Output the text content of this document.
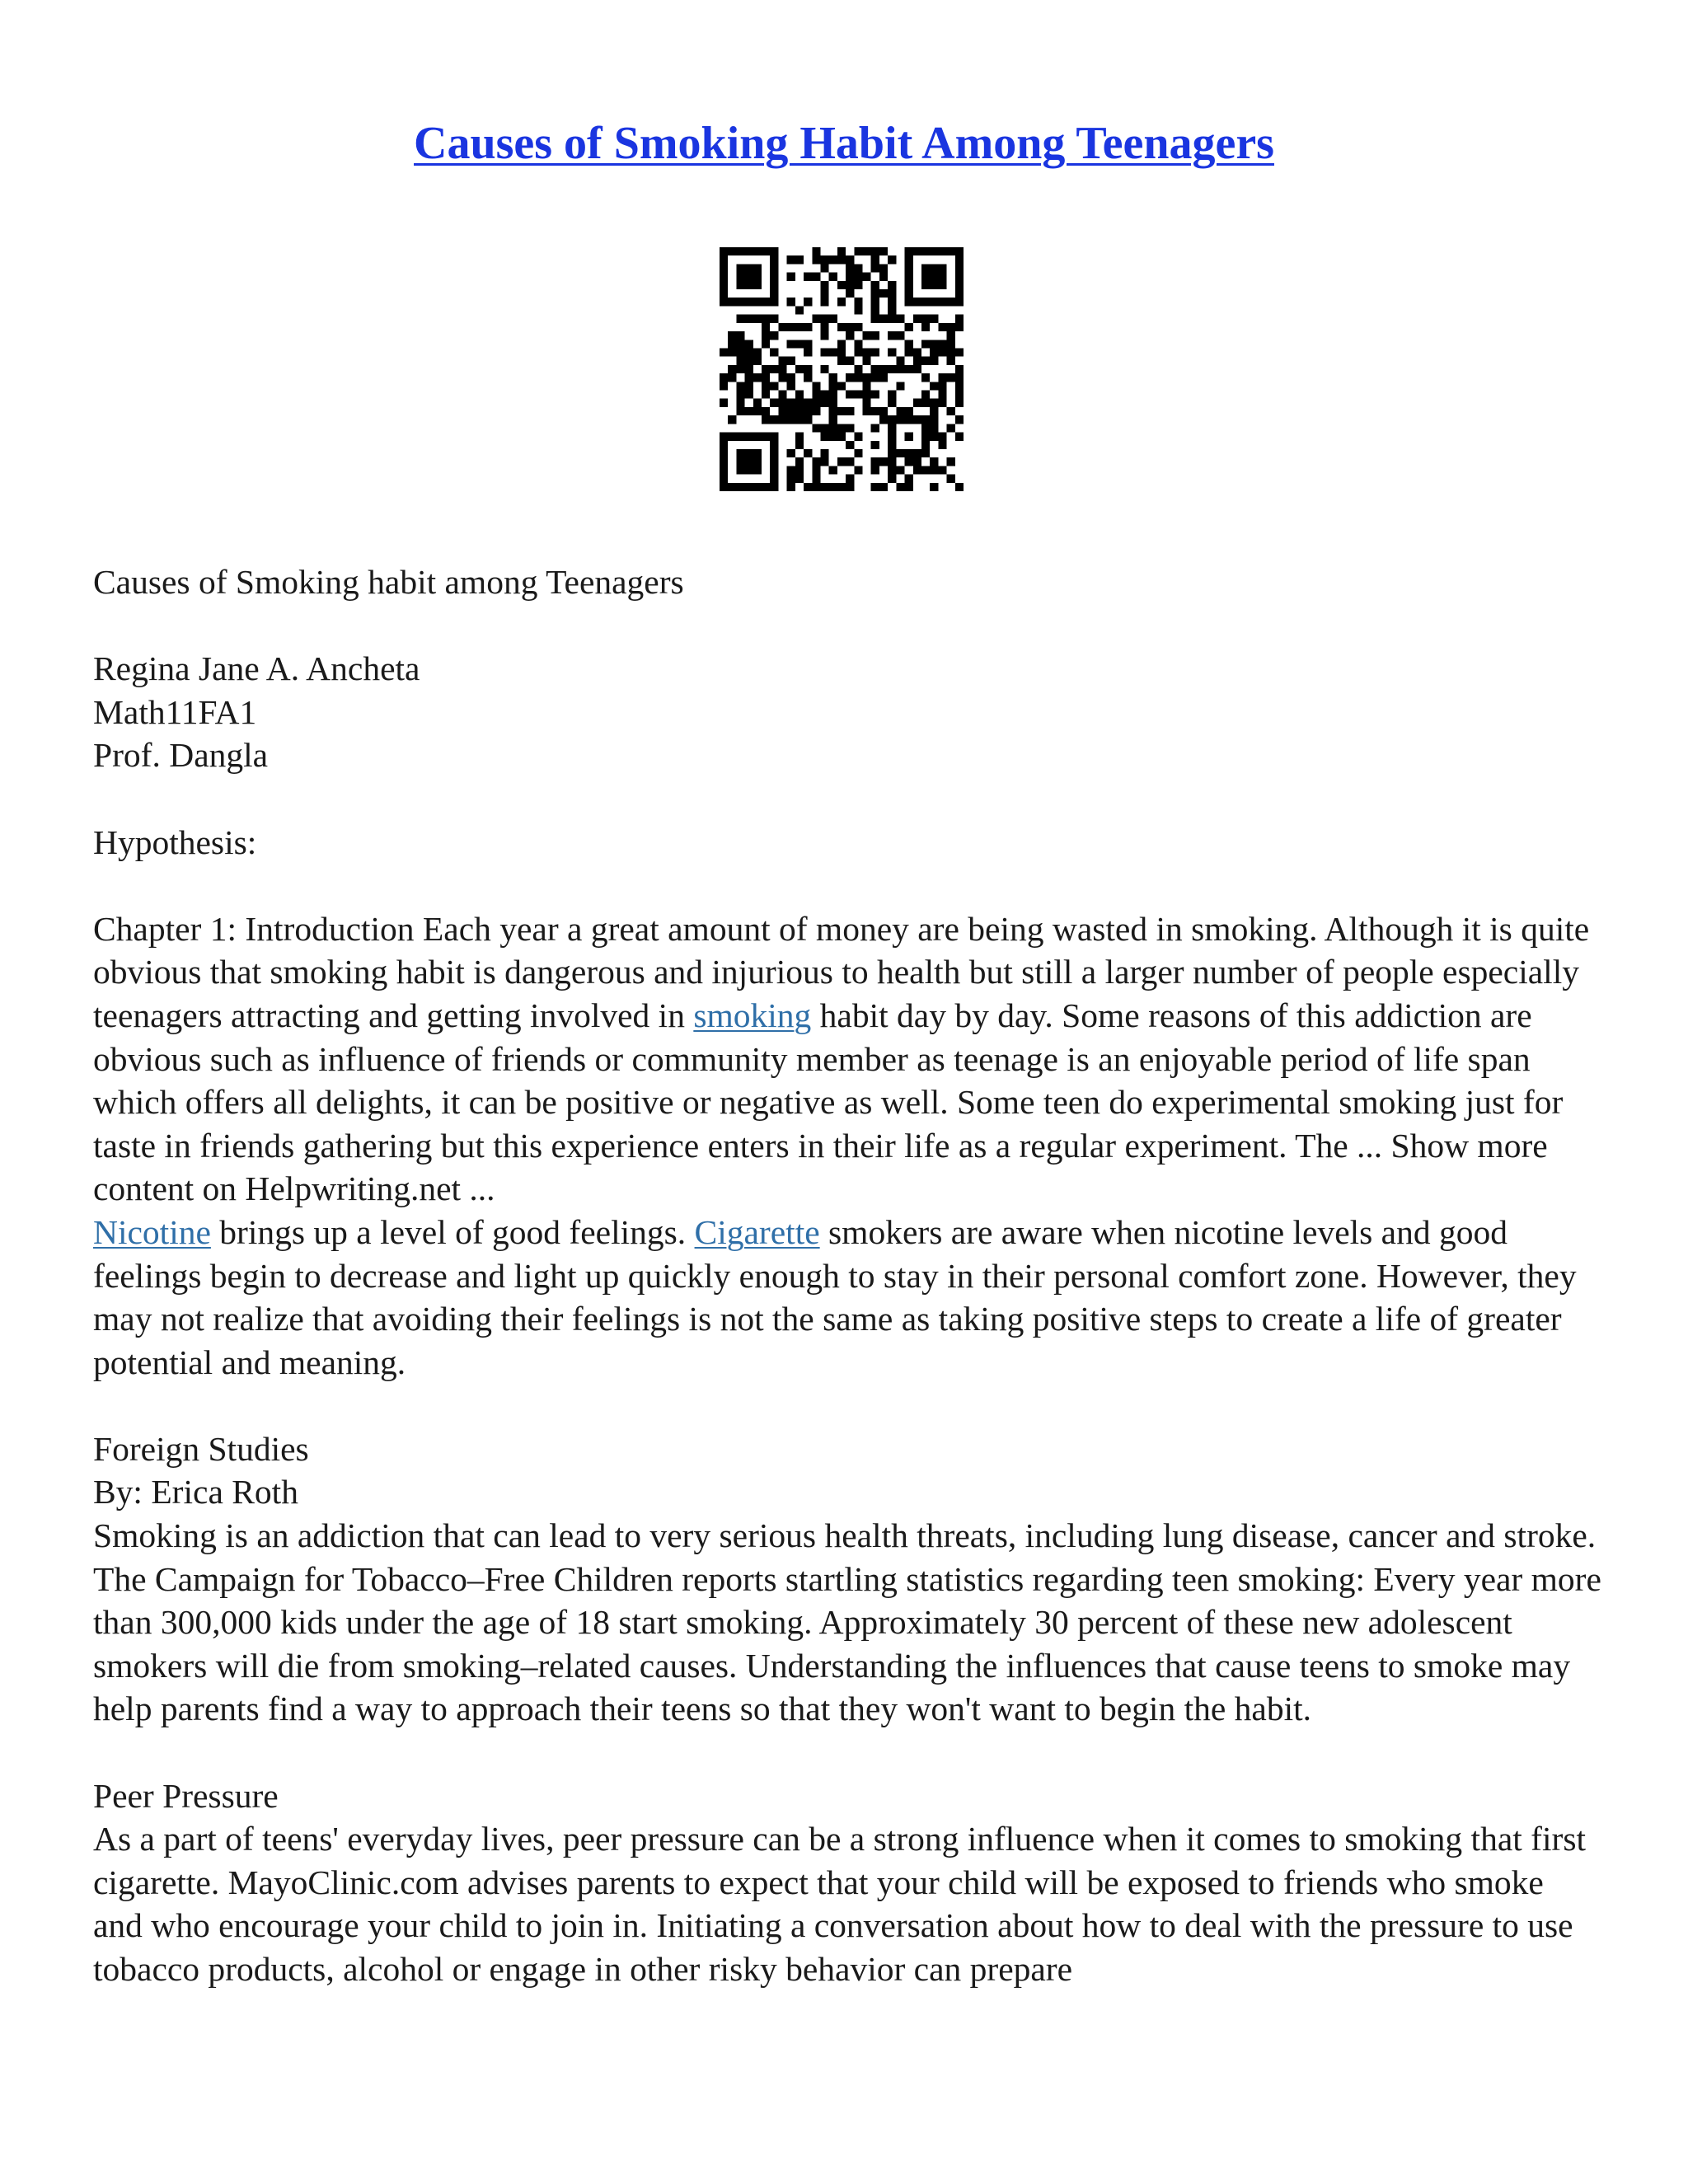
Causes of Smoking Habit Among Teenagers

Causes of Smoking habit among Teenagers

Regina Jane A. Ancheta

Math11FA1

Prof. Dangla

Hypothesis:

Chapter 1: Introduction Each year a great amount of money are being wasted in smoking. Although it is quite obvious that smoking habit is dangerous and injurious to health but still a larger number of people especially teenagers attracting and getting involved in smoking habit day by day. Some reasons of this addiction are obvious such as influence of friends or community member as teenage is an enjoyable period of life span which offers all delights, it can be positive or negative as well. Some teen do experimental smoking just for taste in friends gathering but this experience enters in their life as a regular experiment. The ... Show more content on Helpwriting.net ...
Nicotine brings up a level of good feelings. Cigarette smokers are aware when nicotine levels and good feelings begin to decrease and light up quickly enough to stay in their personal comfort zone. However, they may not realize that avoiding their feelings is not the same as taking positive steps to create a life of greater potential and meaning.

Foreign Studies

By: Erica Roth

Smoking is an addiction that can lead to very serious health threats, including lung disease, cancer and stroke. The Campaign for Tobacco–Free Children reports startling statistics regarding teen smoking: Every year more than 300,000 kids under the age of 18 start smoking. Approximately 30 percent of these new adolescent smokers will die from smoking–related causes. Understanding the influences that cause teens to smoke may help parents find a way to approach their teens so that they won't want to begin the habit.

Peer Pressure

As a part of teens' everyday lives, peer pressure can be a strong influence when it comes to smoking that first cigarette. MayoClinic.com advises parents to expect that your child will be exposed to friends who smoke and who encourage your child to join in. Initiating a conversation about how to deal with the pressure to use tobacco products, alcohol or engage in other risky behavior can prepare
